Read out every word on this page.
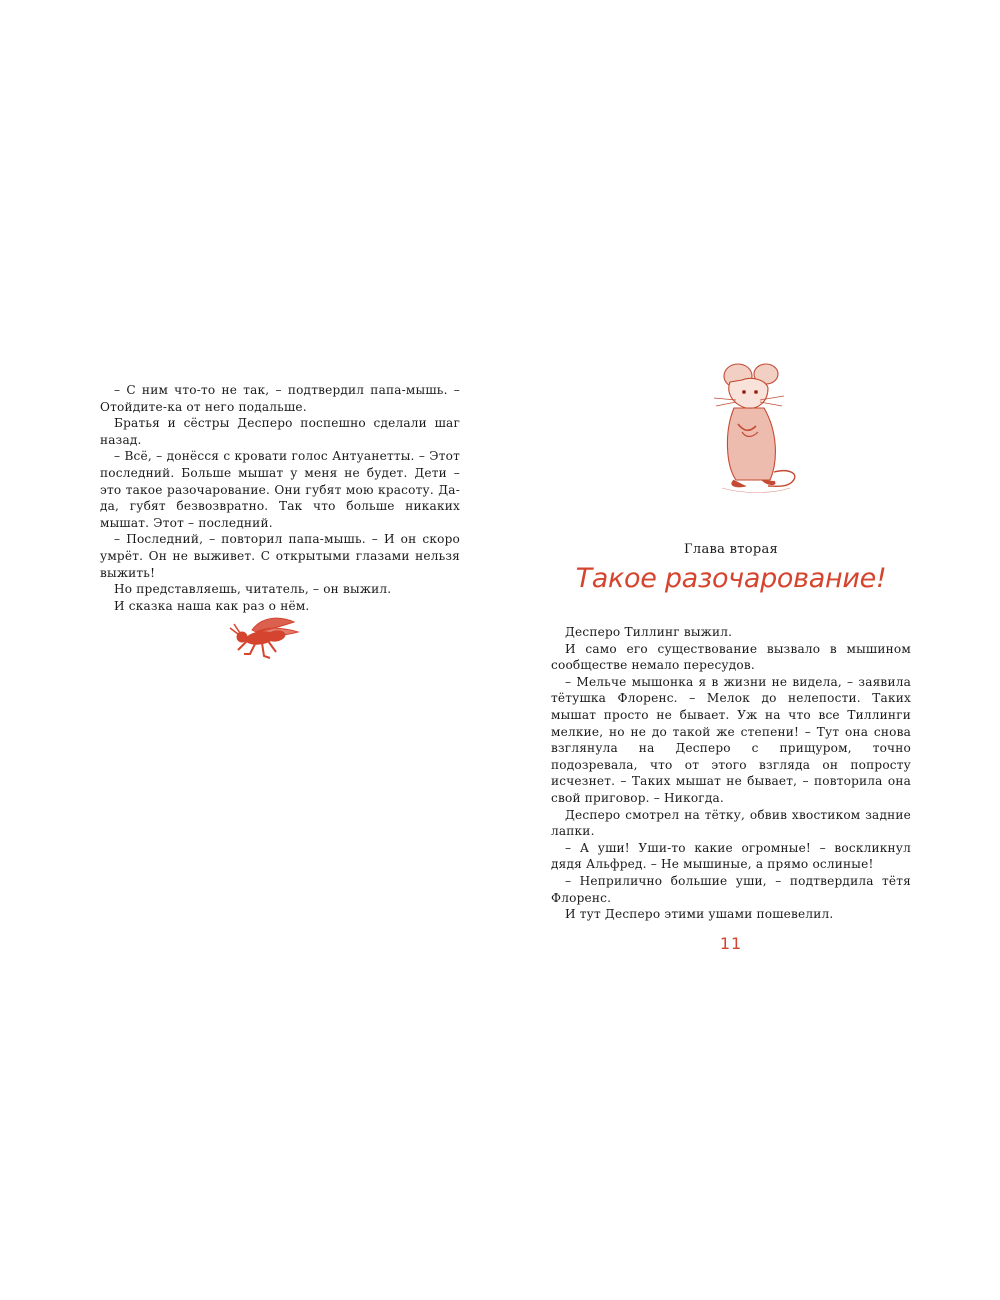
– С ним что-то не так, – подтвердил папа-мышь. – Отойдите-ка от него подальше.

Братья и сёстры Десперо поспешно сделали шаг назад.

– Всё, – донёсся с кровати голос Антуанетты. – Этот последний. Больше мышат у меня не будет. Дети – это такое разочарование. Они губят мою красоту. Да-да, губят безвозвратно. Так что больше никаких мышат. Этот – последний.

– Последний, – повторил папа-мышь. – И он скоро умрёт. Он не выживет. С открытыми глазами нельзя выжить!

Но представляешь, читатель, – он выжил.

И сказка наша как раз о нём.

Глава вторая
Такое разочарование!

Десперо Тиллинг выжил.

И само его существование вызвало в мышином сообществе немало пересудов.

– Мельче мышонка я в жизни не видела, – заявила тётушка Флоренс. – Мелок до нелепости. Таких мышат просто не бывает. Уж на что все Тиллинги мелкие, но не до такой же степени! – Тут она снова взглянула на Десперо с прищуром, точно подозревала, что от этого взгляда он попросту исчезнет. – Таких мышат не бывает, – повторила она свой приговор. – Никогда.

Десперо смотрел на тётку, обвив хвостиком задние лапки.

– А уши! Уши-то какие огромные! – воскликнул дядя Альфред. – Не мышиные, а прямо ослиные!

– Неприлично большие уши, – подтвердила тётя Флоренс.

И тут Десперо этими ушами пошевелил.

11
